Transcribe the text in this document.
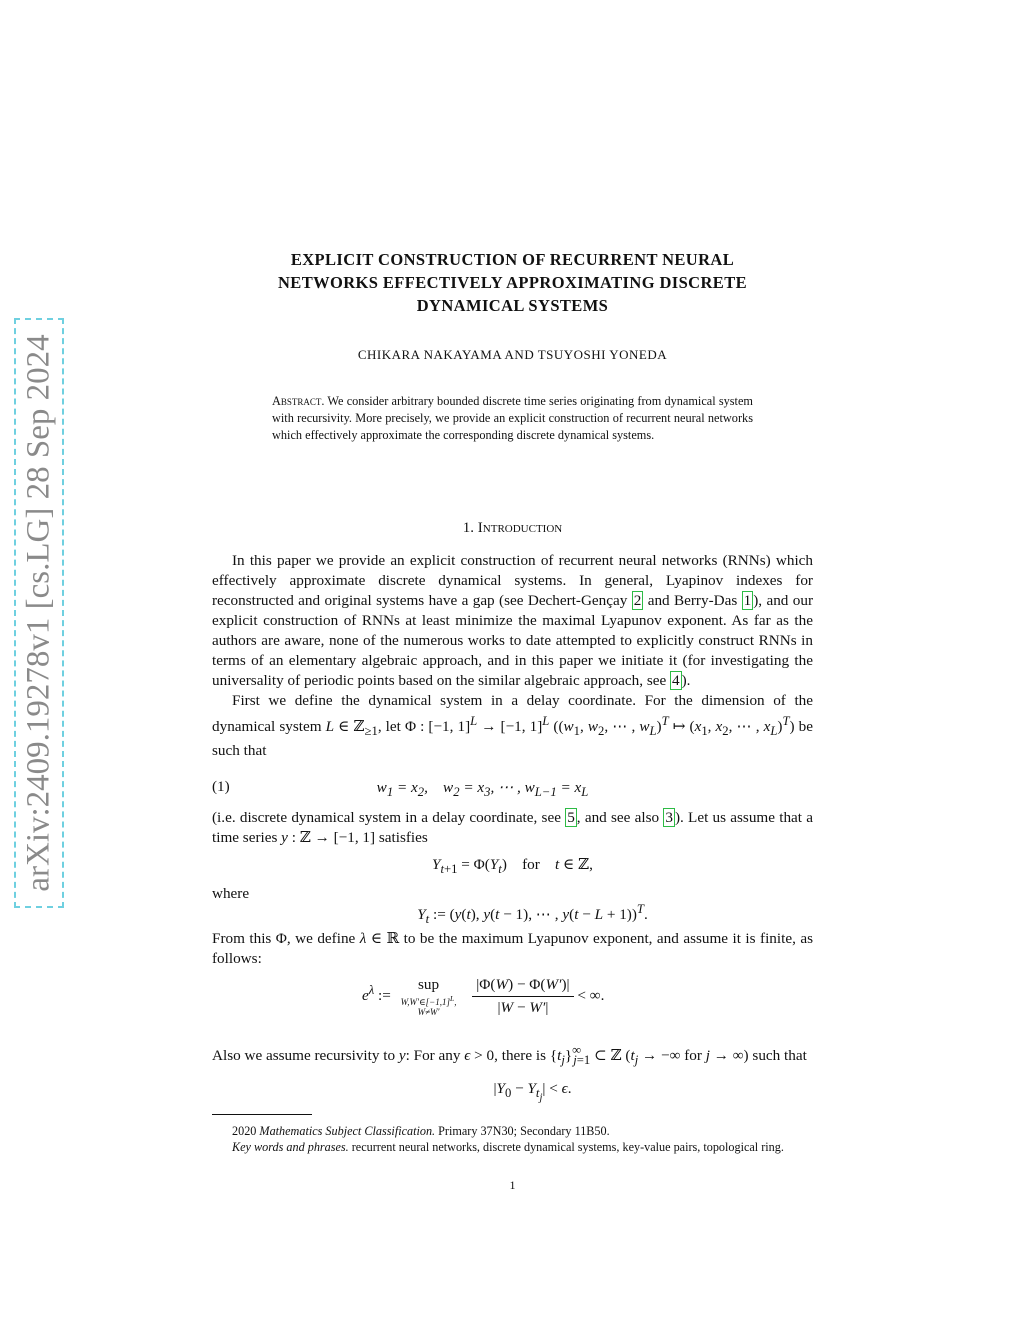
arXiv:2409.19278v1 [cs.LG] 28 Sep 2024
EXPLICIT CONSTRUCTION OF RECURRENT NEURAL
NETWORKS EFFECTIVELY APPROXIMATING DISCRETE
DYNAMICAL SYSTEMS
CHIKARA NAKAYAMA AND TSUYOSHI YONEDA
Abstract. We consider arbitrary bounded discrete time series originating from dynamical system with recursivity. More precisely, we provide an explicit construction of recurrent neural networks which effectively approximate the corresponding discrete dynamical systems.
1. Introduction

In this paper we provide an explicit construction of recurrent neural networks (RNNs) which effectively approximate discrete dynamical systems. In general, Lyapinov indexes for reconstructed and original systems have a gap (see Dechert-Gençay 2 and Berry-Das 1 ), and our explicit construction of RNNs at least minimize the maximal Lyapunov exponent. As far as the authors are aware, none of the numerous works to date attempted to explicitly construct RNNs in terms of an elementary algebraic approach, and in this paper we initiate it (for investigating the universality of periodic points based on the similar algebraic approach, see 4 ).

First we define the dynamical system in a delay coordinate. For the dimension of the dynamical system L ∈ ℤ$_{\ge 1}$, let Φ : [−1, 1]$^L$ → [−1, 1]$^L$ (($w_1$, $w_2$, ⋯ , $w_L)^T$ ↦ ($x_1$, $x_2$, ⋯ , $x_L)^T$) be such that

(1)	$w_1 = x_2$,    $w_2 = x_3$, ⋯ , $w_{L-1} = x_L$
(i.e. discrete dynamical system in a delay coordinate, see 5 , and see also 3 ). Let us assume that a time series y : ℤ → [−1, 1] satisfies
$Y_{t+1} = \Phi(Y_t)$    for t ∈ ℤ,
where
$Y_t$ := (y(t), y(t − 1), ⋯ , y(t − L + 1))$^T$.
From this Φ, we define λ ∈ ℝ to be the maximum Lyapunov exponent, and assume it is finite, as follows:
$e^\lambda$ := sup
$W,W'\in[-1,1]^L$,
W≠W′
	$\frac{|\Phi(W) - \Phi(W')|}{|W - W'|}$ < ∞.
Also we assume recursivity to y: For any ϵ > 0, there is $\{t_j\}^\infty_{j=1}$ ⊂ ℤ ($t_j$ → −∞ for j → ∞) such that
$|Y_0 - Y_{t_j}| < \epsilon$.
2020 Mathematics Subject Classification. Primary 37N30; Secondary 11B50.
Key words and phrases. recurrent neural networks, discrete dynamical systems, key-value pairs, topological ring.
1
